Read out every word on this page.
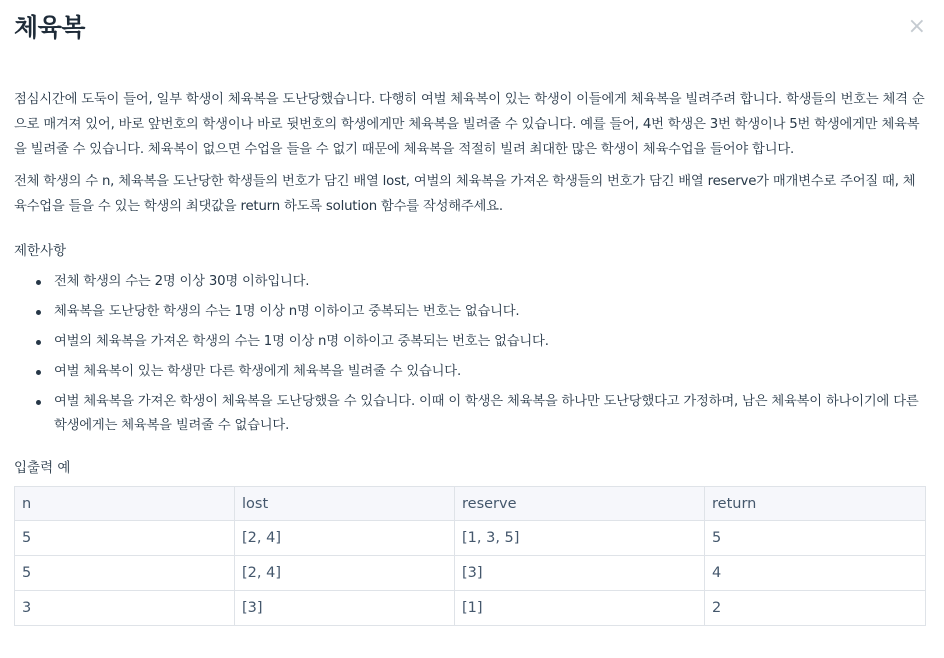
체육복	×

점심시간에 도둑이 들어, 일부 학생이 체육복을 도난당했습니다. 다행히 여벌 체육복이 있는 학생이 이들에게 체육복을 빌려주려 합니다. 학생들의 번호는 체격 순으로 매겨져 있어, 바로 앞번호의 학생이나 바로 뒷번호의 학생에게만 체육복을 빌려줄 수 있습니다. 예를 들어, 4번 학생은 3번 학생이나 5번 학생에게만 체육복을 빌려줄 수 있습니다. 체육복이 없으면 수업을 들을 수 없기 때문에 체육복을 적절히 빌려 최대한 많은 학생이 체육수업을 들어야 합니다.

전체 학생의 수 n, 체육복을 도난당한 학생들의 번호가 담긴 배열 lost, 여벌의 체육복을 가져온 학생들의 번호가 담긴 배열 reserve가 매개변수로 주어질 때, 체육수업을 들을 수 있는 학생의 최댓값을 return 하도록 solution 함수를 작성해주세요.

제한사항
전체 학생의 수는 2명 이상 30명 이하입니다.
체육복을 도난당한 학생의 수는 1명 이상 n명 이하이고 중복되는 번호는 없습니다.
여벌의 체육복을 가져온 학생의 수는 1명 이상 n명 이하이고 중복되는 번호는 없습니다.
여벌 체육복이 있는 학생만 다른 학생에게 체육복을 빌려줄 수 있습니다.
여벌 체육복을 가져온 학생이 체육복을 도난당했을 수 있습니다. 이때 이 학생은 체육복을 하나만 도난당했다고 가정하며, 남은 체육복이 하나이기에 다른 학생에게는 체육복을 빌려줄 수 없습니다.
입출력 예
n	lost	reserve	return
5	[2, 4]	[1, 3, 5]	5
5	[2, 4]	[3]	4
3	[3]	[1]	2
